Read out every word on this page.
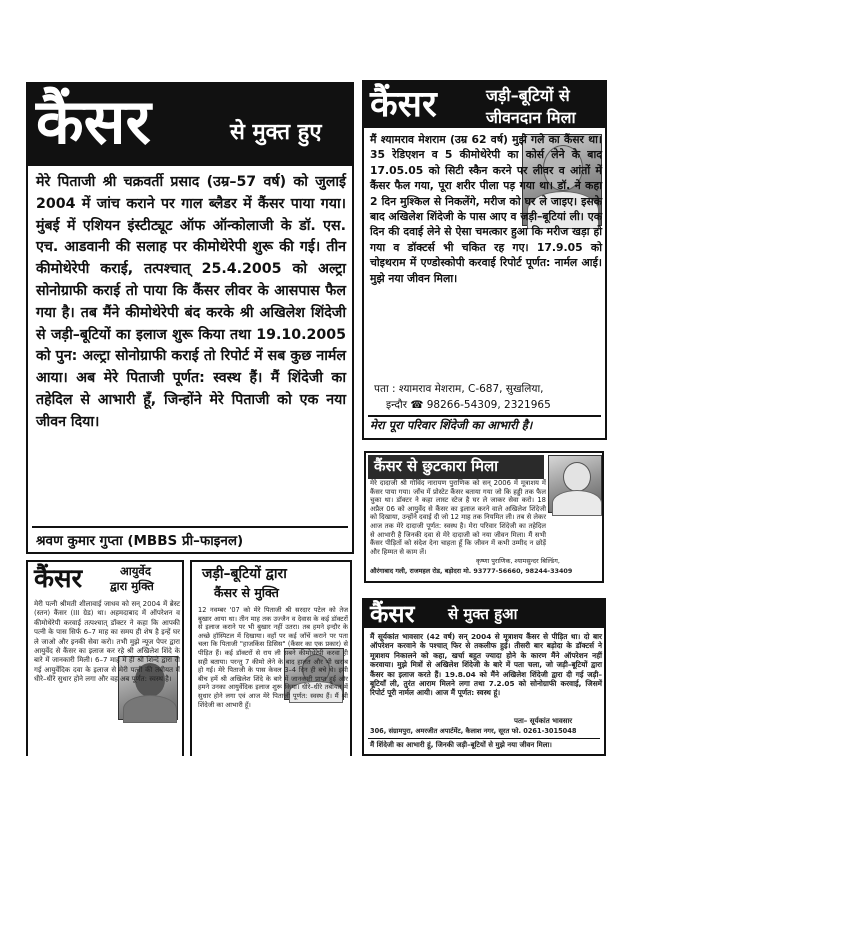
कैंसर	से मुक्त हुए
मेरे पिताजी श्री चक्रवर्ती प्रसाद (उम्र–57 वर्ष) को जुलाई 2004 में जांच कराने पर गाल ब्लैडर में कैंसर पाया गया। मुंबई में एशियन इंस्टीट्यूट ऑफ ऑन्कोलाजी के डॉ. एस. एच. आडवानी की सलाह पर कीमोथेरेपी शुरू की गई। तीन कीमोथेरेपी कराई, तत्पश्चात् 25.4.2005 को अल्ट्रा सोनोग्राफी कराई तो पाया कि कैंसर लीवर के आसपास फैल गया है। तब मैंने कीमोथेरेपी बंद करके श्री अखिलेश शिंदेजी से जड़ी–बूटियों का इलाज शुरू किया तथा 19.10.2005 को पुन: अल्ट्रा सोनोग्राफी कराई तो रिपोर्ट में सब कुछ नार्मल आया। अब मेरे पिताजी पूर्णत: स्वस्थ हैं। मैं शिंदेजी का तहेदिल से आभारी हूँ, जिन्होंने मेरे पिताजी को एक नया जीवन दिया।
श्रवण कुमार गुप्ता (MBBS प्री–फाइनल)
कैंसर	जड़ी–बूटियों से
जीवनदान मिला
मैं श्यामराव मेशराम (उम्र 62 वर्ष) मुझे गले का कैंसर था। 35 रेडिएशन व 5 कीमोथेरेपी का कोर्स लेने के बाद 17.05.05 को सिटी स्कैन करने पर लीवर व आंतों में कैंसर फैल गया, पूरा शरीर पीला पड़ गया था। डॉ. ने कहा 2 दिन मुश्किल से निकलेंगे, मरीज को घर ले जाइए। इसके बाद अखिलेश शिंदेजी के पास आए व जड़ी–बूटियां ली। एक दिन की दवाई लेने से ऐसा चमत्कार हुआ कि मरीज खड़ा हो गया व डॉक्टर्स भी चकित रह गए। 17.9.05 को चोइथराम में एण्डोस्कोपी करवाई रिपोर्ट पूर्णत: नार्मल आई। मुझे नया जीवन मिला।
पता : श्यामराव मेशराम, C-687, सुखलिया,
इन्दौर ☎ 98266-54309, 2321965
मेरा पूरा परिवार शिंदेजी का आभारी है।
कैंसर से छुटकारा मिला
मेरे दादाजी श्री गोविंद नारायण पुराणिक को सन् 2006 में मूत्राशय में कैंसर पाया गया। जाँच में प्रोस्टेट कैंसर बताया गया जो कि हड्डी तक फैल चुका था। डॉक्टर ने कहा लास्ट स्टेज है घर ले जाकर सेवा करो। 18 अप्रैल 06 को आयुर्वेद से कैंसर का इलाज करने वाले अखिलेश शिंदेजी को दिखाया, उन्होंने दवाई दी जो 12 माह तक नियमित ली। तब से लेकर आज तक मेरे दादाजी पूर्णत: स्वस्थ है। मेरा परिवार शिंदेजी का तहेदिल से आभारी है जिनकी दवा से मेरे दादाजी को नया जीवन मिला। मैं सभी कैंसर पीड़ितों को संदेश देना चाहता हूँ कि जीवन में कभी उम्मीद न छोड़ें और हिम्मत से काम लें।
कृष्णा पुराणिक, श्यामसुन्दर बिल्डिंग,
औरंगाबाद गली, राजमहल रोड, बड़ोदरा मो. 93777-56660, 98244-33409
कैंसर से मुक्त हुआ
मैं सूर्यकांत भावसार (42 वर्ष) सन् 2004 से मूत्राशय कैंसर से पीड़ित था। दो बार ऑपरेशन करवाने के पश्चात् फिर से तकलीफ हुई। तीसरी बार बड़ोदा के डॉक्टर्स ने मूत्राशय निकालने को कहा, खर्चा बहुत ज्यादा होने के कारण मैंने ऑपरेशन नहीं करवाया। मुझे मित्रों से अखिलेश शिंदेजी के बारे में पता चला, जो जड़ी–बूटियों द्वारा कैंसर का इलाज करते हैं। 19.8.04 को मैंने अखिलेश शिंदेजी द्वारा दी गई जड़ी–बूटियाँ ली, तुरंत आराम मिलने लगा तथा 7.2.05 को सोनोग्राफी करवाई, जिसमें रिपोर्ट पूरी नार्मल आयी। आज मैं पूर्णत: स्वस्थ हूं।
पता– सूर्यकांत भावसार
306, संग्रामपुरा, अमरजीत अपार्टमेंट, कैलाश नगर, सूरत फो. 0261-3015048
मैं शिंदेजी का आभारी हूं, जिनकी जड़ी–बूटियों से मुझे नया जीवन मिला।
कैंसर	आयुर्वेद
द्वारा मुक्ति
मेरी पत्नी श्रीमती शीलावाई जाधव को सन् 2004 में ब्रेस्ट (स्तन) कैंसर (III ग्रेड) था। अहमदाबाद में ऑपरेशन व कीमोथेरेपी करवाई तत्पश्चात् डॉक्टर ने कहा कि आपकी पत्नी के पास सिर्फ 6–7 माह का समय ही शेष है इन्हें घर ले जाओ और इनकी सेवा करो। तभी मुझे न्यूज पेपर द्वारा आयुर्वेद से कैंसर का इलाज कर रहे श्री अखिलेश शिंदे के बारे में जानकारी मिली। 6–7 माह में ही श्री शिन्दे द्वारा दी गई आयुर्वेदिक दवा के इलाज से मेरी पत्नी की तबीयत में धीरे–धीरे सुधार होने लगा और वह अब पूर्णत: स्वस्थ है।
जड़ी–बूटियों द्वारा
कैंसर से मुक्ति
12 नवम्बर '07 को मेरे पिताजी श्री सरदार पटेल को तेज बुखार आया था। तीन माह तक उज्जैन व देवास के कई डॉक्टरों से इलाज कराने पर भी बुखार नहीं उतरा। तब हमने इन्दौर के अच्छे हॉस्पिटल में दिखाया। वहाँ पर कई जाँचें कराने पर पता चला कि पिताजी "हाजकिंस डिसिस" (कैंसर का एक प्रकार) से पीड़ित हैं। कई डॉक्टरों से राय ली सबने कीमोथेरेपी करवा ही सही बताया। परन्तु 7 कीमो लेने के बाद हालत और भी खराब हो गई। मेरे पिताजी के पास केवल 3–4 दिन ही बचे थे। इसी बीच हमें श्री अखिलेश शिंदे के बारे में जानकारी प्राप्त हुई और हमने उनका आयुर्वेदिक इलाज शुरू किया। धीरे–धीरे तबीयत में सुधार होने लगा एवं आज मेरे पिताजी पूर्णत: स्वस्थ हैं। मैं श्री शिंदेजी का आभारी हूँ।
